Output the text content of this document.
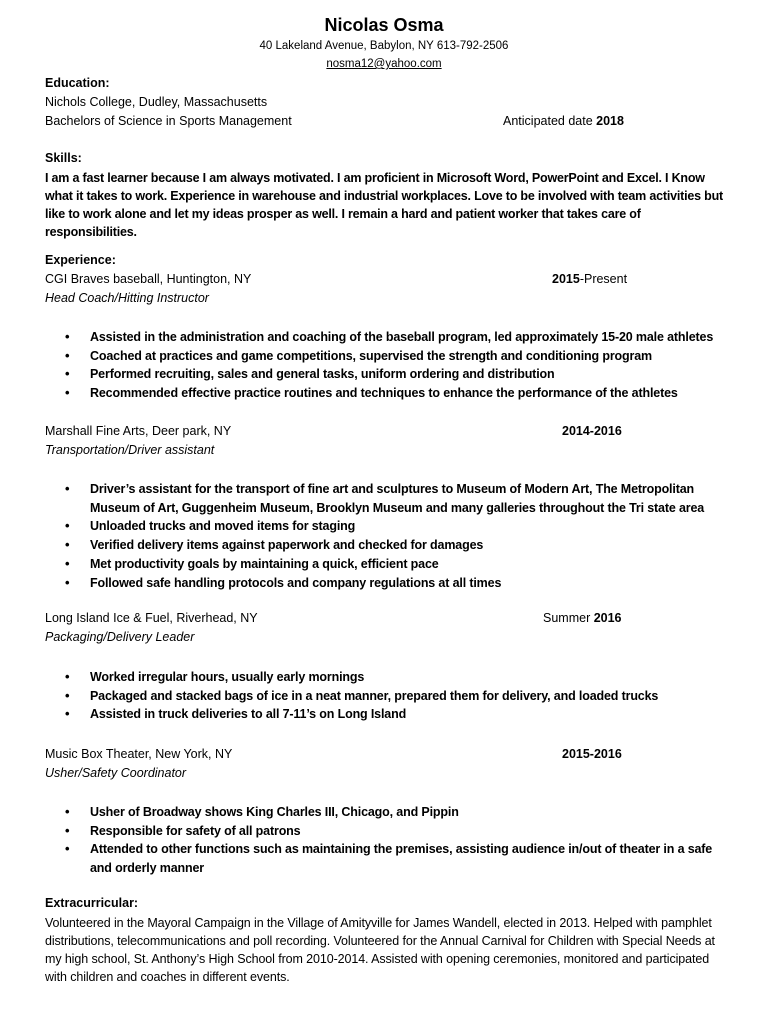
Nicolas Osma
40 Lakeland Avenue, Babylon, NY 613-792-2506
nosma12@yahoo.com
Education:
Nichols College, Dudley, Massachusetts
Bachelors of Science in Sports Management	Anticipated date 2018
Skills:
I am a fast learner because I am always motivated. I am proficient in Microsoft Word, PowerPoint and Excel. I Know what it takes to work. Experience in warehouse and industrial workplaces. Love to be involved with team activities but like to work alone and let my ideas prosper as well. I remain a hard and patient worker that takes care of responsibilities.
Experience:
CGI Braves baseball, Huntington, NY	2015-Present
Head Coach/Hitting Instructor
• Assisted in the administration and coaching of the baseball program, led approximately 15-20 male athletes
• Coached at practices and game competitions, supervised the strength and conditioning program
• Performed recruiting, sales and general tasks, uniform ordering and distribution
• Recommended effective practice routines and techniques to enhance the performance of the athletes
Marshall Fine Arts, Deer park, NY	2014-2016
Transportation/Driver assistant
• Driver’s assistant for the transport of fine art and sculptures to Museum of Modern Art, The Metropolitan Museum of Art, Guggenheim Museum, Brooklyn Museum and many galleries throughout the Tri state area
• Unloaded trucks and moved items for staging
• Verified delivery items against paperwork and checked for damages
• Met productivity goals by maintaining a quick, efficient pace
• Followed safe handling protocols and company regulations at all times
Long Island Ice & Fuel, Riverhead, NY	Summer 2016
Packaging/Delivery Leader
• Worked irregular hours, usually early mornings
• Packaged and stacked bags of ice in a neat manner, prepared them for delivery, and loaded trucks
• Assisted in truck deliveries to all 7-11’s on Long Island
Music Box Theater, New York, NY	2015-2016
Usher/Safety Coordinator
• Usher of Broadway shows King Charles III, Chicago, and Pippin
• Responsible for safety of all patrons
• Attended to other functions such as maintaining the premises, assisting audience in/out of theater in a safe and orderly manner
Extracurricular:
Volunteered in the Mayoral Campaign in the Village of Amityville for James Wandell, elected in 2013. Helped with pamphlet distributions, telecommunications and poll recording. Volunteered for the Annual Carnival for Children with Special Needs at my high school, St. Anthony’s High School from 2010-2014. Assisted with opening ceremonies, monitored and participated with children and coaches in different events.
